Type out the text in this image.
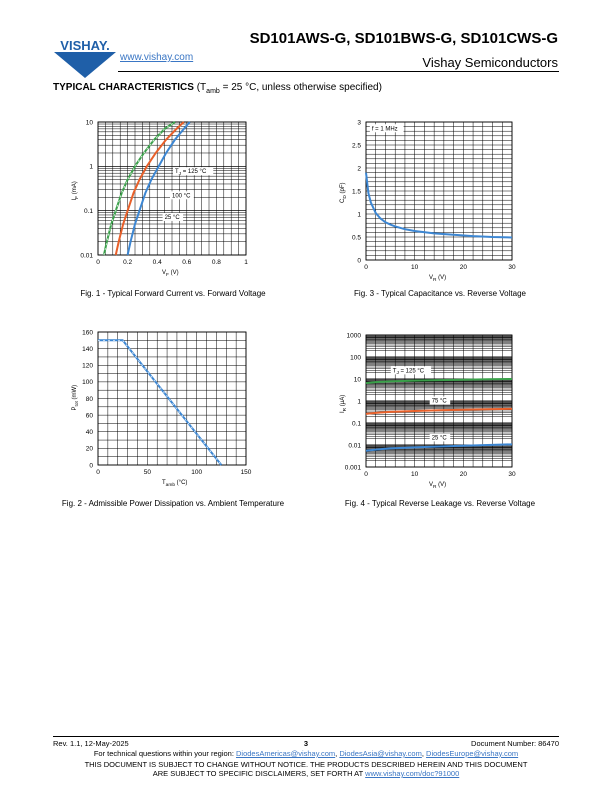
VISHAY.	SD101AWS-G, SD101BWS-G, SD101CWS-G
www.vishay.com	Vishay Semiconductors
TYPICAL CHARACTERISTICS ($T_{amb} = 25$ °C, unless otherwise specified)
0	0.2	0.4	0.6	0.8	1
0.01
0.1
1
10
$V_F$ (V)
$I_F$ (mA)
$T_J = 125$ °C
100 °C
25 °C
Fig. 1 - Typical Forward Current vs. Forward Voltage
0	50	100	150
0
20
40
60
80
100
120
140
160
$T_{amb}$ (°C)
$P_{tot}$ (mW)
Fig. 2 - Admissible Power Dissipation vs. Ambient Temperature
0	10	20	30
0
0.5
1
1.5
2
2.5
3
$V_R$ (V)
$C_D$ (pF)
f = 1 MHz
Fig. 3 - Typical Capacitance vs. Reverse Voltage
0	10	20	30
0.001
0.01
0.1
1
10
100
1000
$V_R$ (V)
$I_R$ (µA)
$T_J = 125$ °C
75 °C
25 °C
Fig. 4 - Typical Reverse Leakage vs. Reverse Voltage
Rev. 1.1, 12-May-2025	3	Document Number: 86470
For technical questions within your region: DiodesAmericas@vishay.com, DiodesAsia@vishay.com, DiodesEurope@vishay.com
THIS DOCUMENT IS SUBJECT TO CHANGE WITHOUT NOTICE. THE PRODUCTS DESCRIBED HEREIN AND THIS DOCUMENT
ARE SUBJECT TO SPECIFIC DISCLAIMERS, SET FORTH AT www.vishay.com/doc?91000
